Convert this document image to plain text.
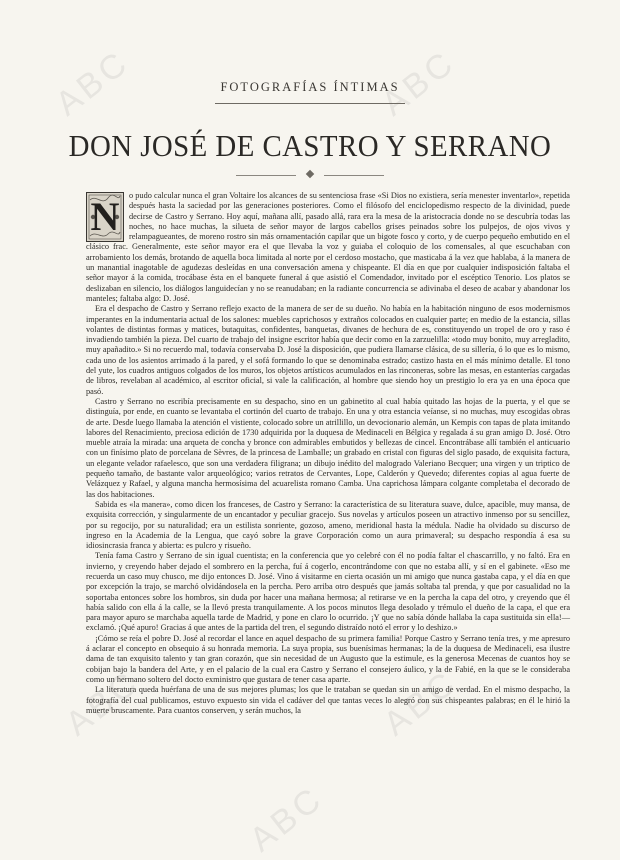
ABC	ABC
ABC	ABC
ABC
FOTOGRAFÍAS ÍNTIMAS
DON JOSÉ DE CASTRO Y SERRANO

N	o pudo calcular nunca el gran Voltaire los alcances de su sentenciosa frase «Si Dios no existiera, sería menester inventarlo», repetida después hasta la saciedad por las generaciones posteriores. Como el filósofo del enciclopedismo respecto de la divinidad, puede decirse de Castro y Serrano. Hoy aquí, mañana allí, pasado allá, rara era la mesa de la aristocracia donde no se descubría todas las noches, no hace muchas, la silueta de señor mayor de largos cabellos grises peinados sobre los pulpejos, de ojos vivos y relampagueantes, de moreno rostro sin más ornamentación capilar que un bigote fosco y corto, y de cuerpo pequeño embutido en el clásico frac. Generalmente, este señor mayor era el que llevaba la voz y guiaba el coloquio de los comensales, al que escuchaban con arrobamiento los demás, brotando de aquella boca limitada al norte por el cerdoso mostacho, que masticaba á la vez que hablaba, á la manera de un manantial inagotable de agudezas desleídas en una conversación amena y chispeante. El día en que por cualquier indisposición faltaba el señor mayor á la comida, trocábase ésta en el banquete funeral á que asistió el Comendador, invitado por el escéptico Tenorio. Los platos se deslizaban en silencio, los diálogos languidecían y no se reanudaban; en la radiante concurrencia se adivinaba el deseo de acabar y abandonar los manteles; faltaba algo: D. José.

Era el despacho de Castro y Serrano reflejo exacto de la manera de ser de su dueño. No había en la habitación ninguno de esos modernismos imperantes en la indumentaria actual de los salones: muebles caprichosos y extraños colocados en cualquier parte; en medio de la estancia, sillas volantes de distintas formas y matices, butaquitas, confidentes, banquetas, divanes de hechura de es, constituyendo un tropel de oro y raso é invadiendo también la pieza. Del cuarto de trabajo del insigne escritor había que decir como en la zarzuelilla: «todo muy bonito, muy arregladito, muy apañadito.» Si no recuerdo mal, todavía conservaba D. José la disposición, que pudiera llamarse clásica, de su sillería, ó lo que es lo mismo, cada uno de los asientos arrimado á la pared, y el sofá formando lo que se denominaba estrado; castizo hasta en el más mínimo detalle. El tono del yute, los cuadros antiguos colgados de los muros, los objetos artísticos acumulados en las rinconeras, sobre las mesas, en estanterías cargadas de libros, revelaban al académico, al escritor oficial, si vale la calificación, al hombre que siendo hoy un prestigio lo era ya en una época que pasó.

Castro y Serrano no escribía precisamente en su despacho, sino en un gabinetito al cual había quitado las hojas de la puerta, y el que se distinguía, por ende, en cuanto se levantaba el cortinón del cuarto de trabajo. En una y otra estancia veíanse, si no muchas, muy escogidas obras de arte. Desde luego llamaba la atención el vistiente, colocado sobre un atrillillo, un devocionario alemán, un Kempis con tapas de plata imitando labores del Renacimiento, preciosa edición de 1730 adquirida por la duquesa de Medinaceli en Bélgica y regalada á su gran amigo D. José. Otro mueble atraía la mirada: una arqueta de concha y bronce con admirables embutidos y bellezas de cincel. Encontrábase allí también el anticuario con un finísimo plato de porcelana de Sèvres, de la princesa de Lamballe; un grabado en cristal con figuras del siglo pasado, de exquisita factura, un elegante velador rafaelesco, que son una verdadera filigrana; un dibujo inédito del malogrado Valeriano Becquer; una virgen y un triptico de pequeño tamaño, de bastante valor arqueológico; varios retratos de Cervantes, Lope, Calderón y Quevedo; diferentes copias al agua fuerte de Velázquez y Rafael, y alguna mancha hermosísima del acuarelista romano Camba. Una caprichosa lámpara colgante completaba el decorado de las dos habitaciones.

Sabida es «la manera», como dicen los franceses, de Castro y Serrano: la característica de su literatura suave, dulce, apacible, muy mansa, de exquisita corrección, y singularmente de un encantador y peculiar gracejo. Sus novelas y artículos poseen un atractivo inmenso por su sencillez, por su regocijo, por su naturalidad; era un estilista sonriente, gozoso, ameno, meridional hasta la médula. Nadie ha olvidado su discurso de ingreso en la Academia de la Lengua, que cayó sobre la grave Corporación como un aura primaveral; su despacho respondía á esa su idiosincrasia franca y abierta: es pulcro y risueño.

Tenía fama Castro y Serrano de sin igual cuentista; en la conferencia que yo celebré con él no podía faltar el chascarrillo, y no faltó. Era en invierno, y creyendo haber dejado el sombrero en la percha, fuí á cogerlo, encontrándome con que no estaba allí, y sí en el gabinete. «Eso me recuerda un caso muy chusco, me dijo entonces D. José. Vino á visitarme en cierta ocasión un mi amigo que nunca gastaba capa, y el día en que por excepción la trajo, se marchó olvidándosela en la percha. Pero arriba otro después que jamás soltaba tal prenda, y que por casualidad no la soportaba entonces sobre los hombros, sin duda por hacer una mañana hermosa; al retirarse ve en la percha la capa del otro, y creyendo que él había salido con ella á la calle, se la llevó presta tranquilamente. A los pocos minutos llega desolado y trémulo el dueño de la capa, el que era para mayor apuro se marchaba aquella tarde de Madrid, y pone en claro lo ocurrido. ¡Y que no sabía dónde hallaba la capa sustituida sin ella!—exclamó. ¡Qué apuro! Gracias á que antes de la partida del tren, el segundo distraído notó el error y lo deshizo.»

¡Cómo se reía el pobre D. José al recordar el lance en aquel despacho de su primera familia! Porque Castro y Serrano tenía tres, y me apresuro á aclarar el concepto en obsequio á su honrada memoria. La suya propia, sus buenísimas hermanas; la de la duquesa de Medinaceli, esa ilustre dama de tan exquisito talento y tan gran corazón, que sin necesidad de un Augusto que la estimule, es la generosa Mecenas de cuantos hoy se cobijan bajo la bandera del Arte, y en el palacio de la cual era Castro y Serrano el consejero áulico, y la de Fabié, en la que se le consideraba como un hermano soltero del docto exministro que gustara de tener casa aparte.

La literatura queda huérfana de una de sus mejores plumas; los que le trataban se quedan sin un amigo de verdad. En el mismo despacho, la fotografía del cual publicamos, estuvo expuesto sin vida el cadáver del que tantas veces lo alegró con sus chispeantes palabras; en él le hirió la muerte bruscamente. Para cuantos conserven, y serán muchos, la
